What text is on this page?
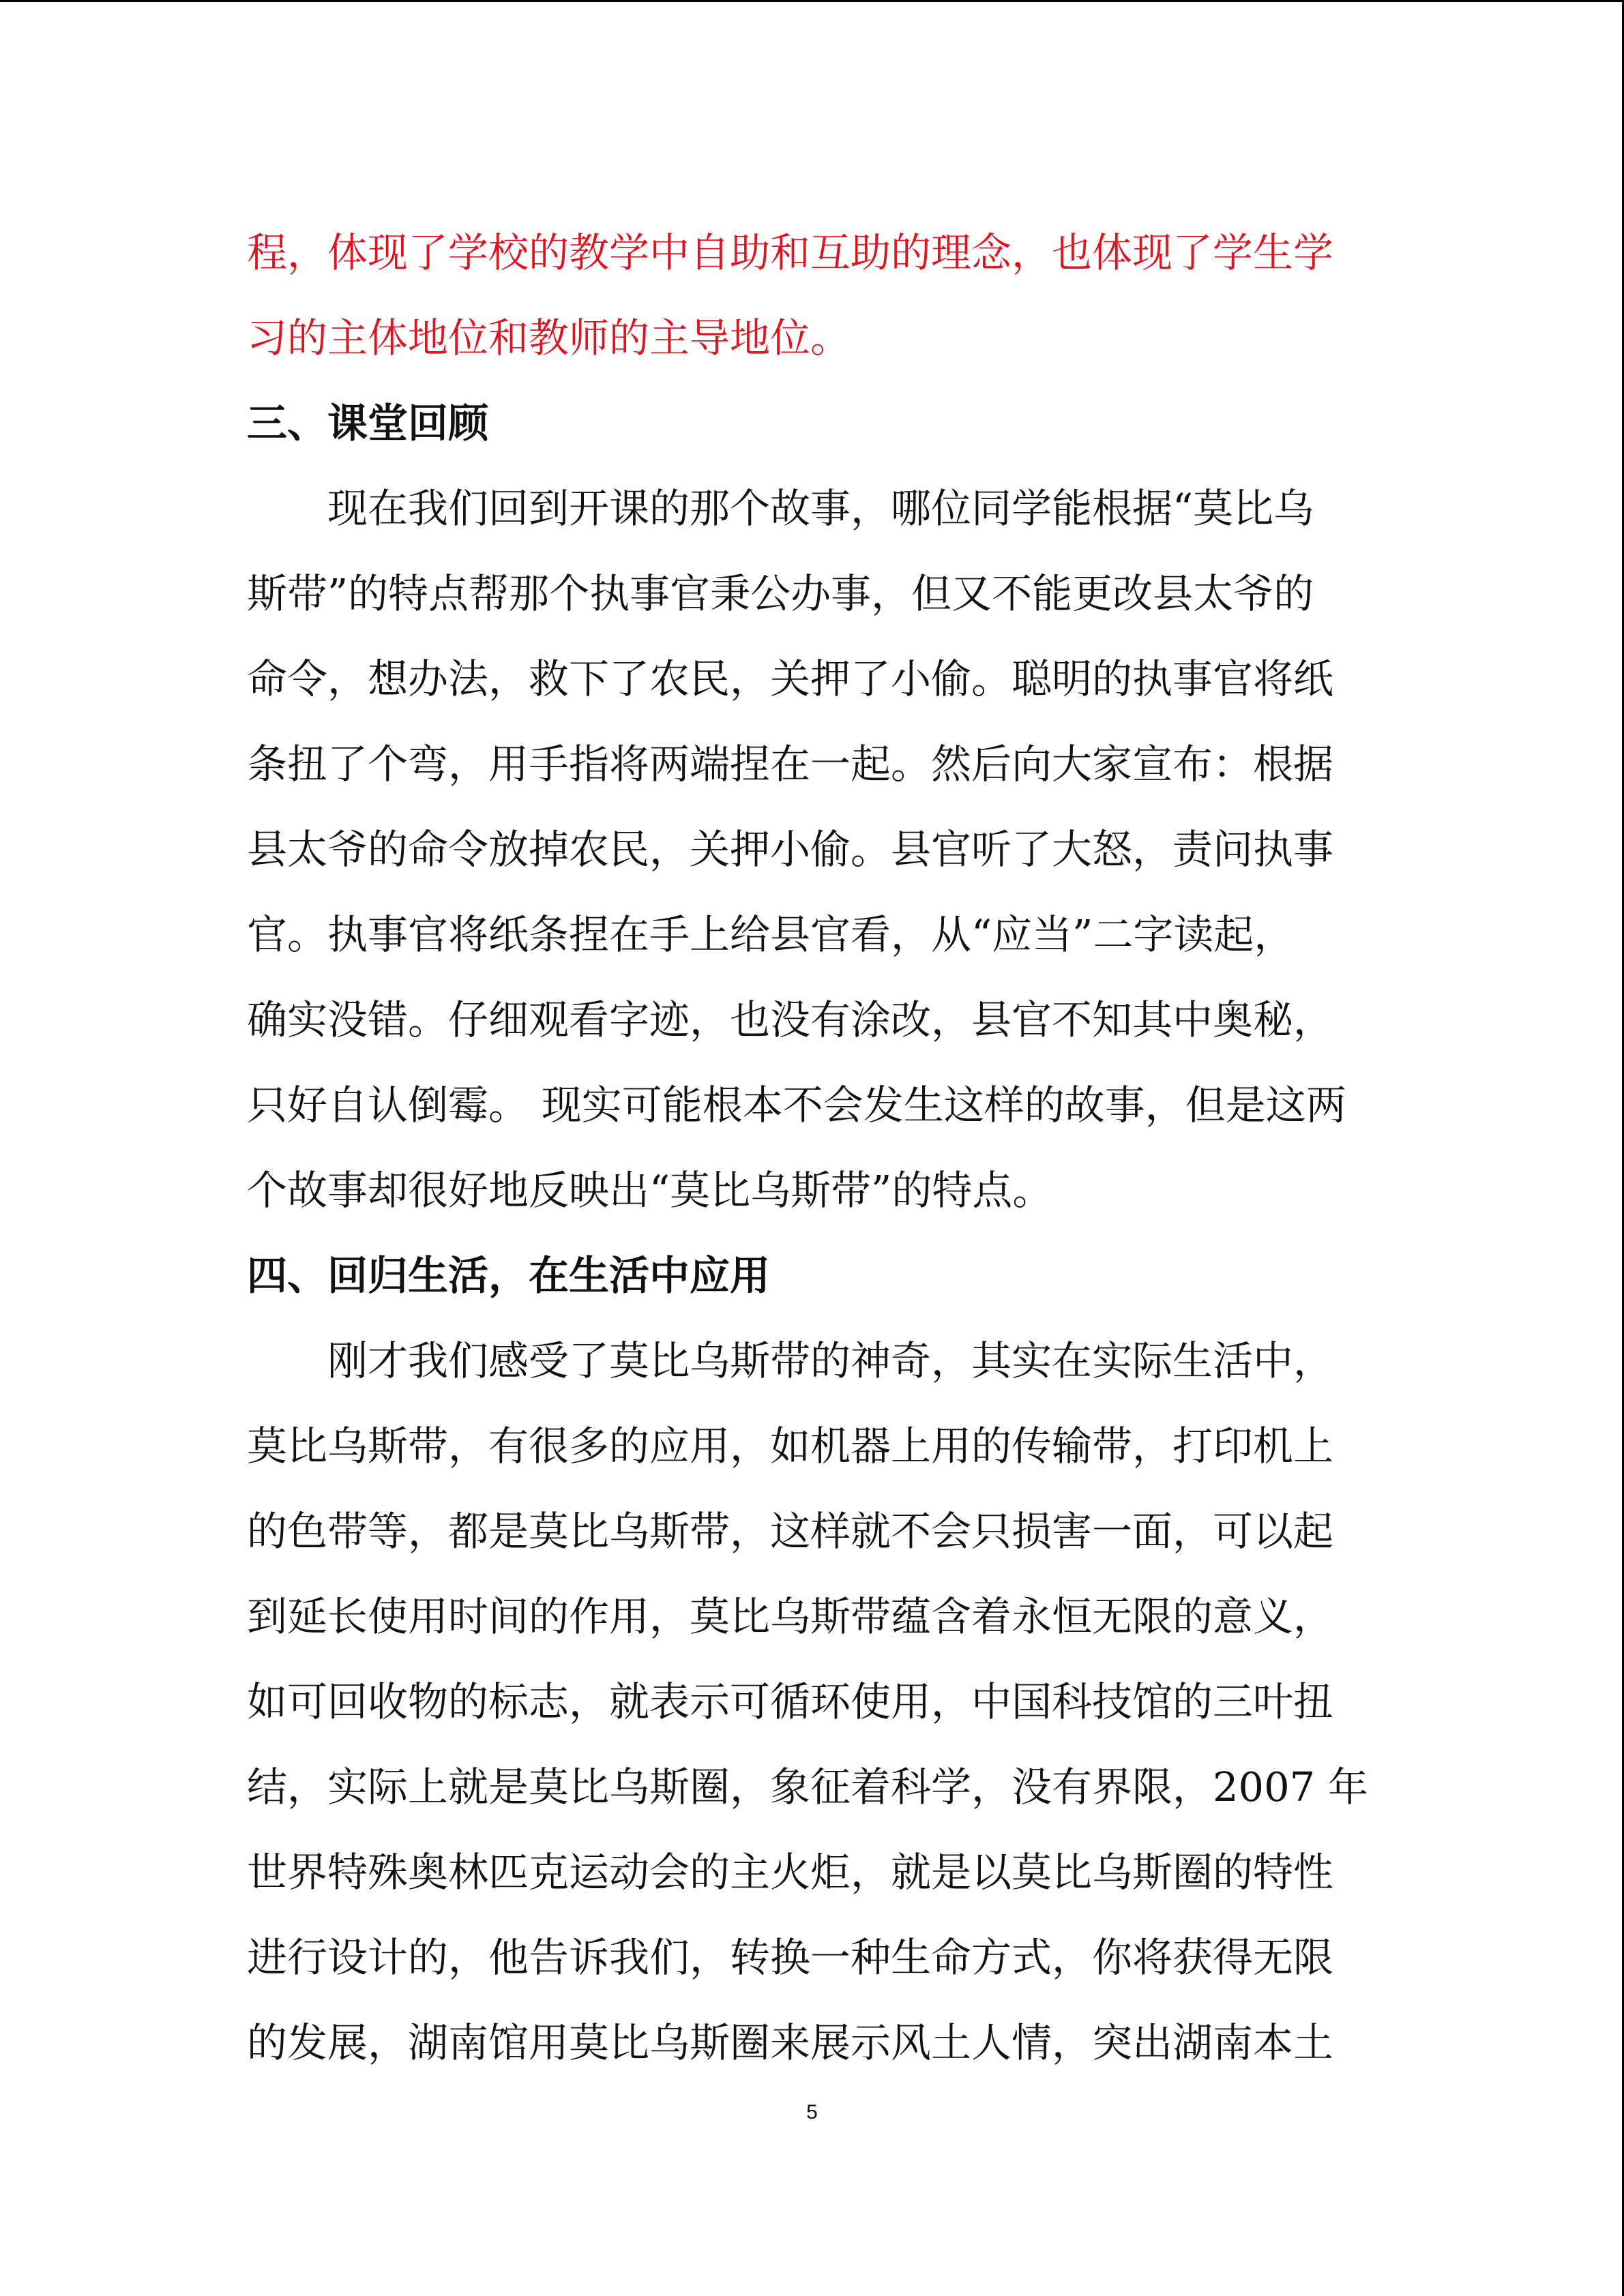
程，体现了学校的教学中自助和互助的理念，也体现了学生学
习的主体地位和教师的主导地位。
三、课堂回顾
现在我们回到开课的那个故事，哪位同学能根据“莫比乌
斯带”的特点帮那个执事官秉公办事，但又不能更改县太爷的
命令，想办法，救下了农民，关押了小偷。聪明的执事官将纸
条扭了个弯，用手指将两端捏在一起。然后向大家宣布：根据
县太爷的命令放掉农民，关押小偷。县官听了大怒，责问执事
官。执事官将纸条捏在手上给县官看，从“应当”二字读起，
确实没错。仔细观看字迹，也没有涂改，县官不知其中奥秘，
只好自认倒霉。 现实可能根本不会发生这样的故事，但是这两
个故事却很好地反映出“莫比乌斯带”的特点。
四、回归生活，在生活中应用
刚才我们感受了莫比乌斯带的神奇，其实在实际生活中，
莫比乌斯带，有很多的应用，如机器上用的传输带，打印机上
的色带等，都是莫比乌斯带，这样就不会只损害一面，可以起
到延长使用时间的作用，莫比乌斯带蕴含着永恒无限的意义，
如可回收物的标志，就表示可循环使用，中国科技馆的三叶扭
结，实际上就是莫比乌斯圈，象征着科学，没有界限，2007 年
世界特殊奥林匹克运动会的主火炬，就是以莫比乌斯圈的特性
进行设计的，他告诉我们，转换一种生命方式，你将获得无限
的发展，湖南馆用莫比乌斯圈来展示风土人情，突出湖南本土
5
